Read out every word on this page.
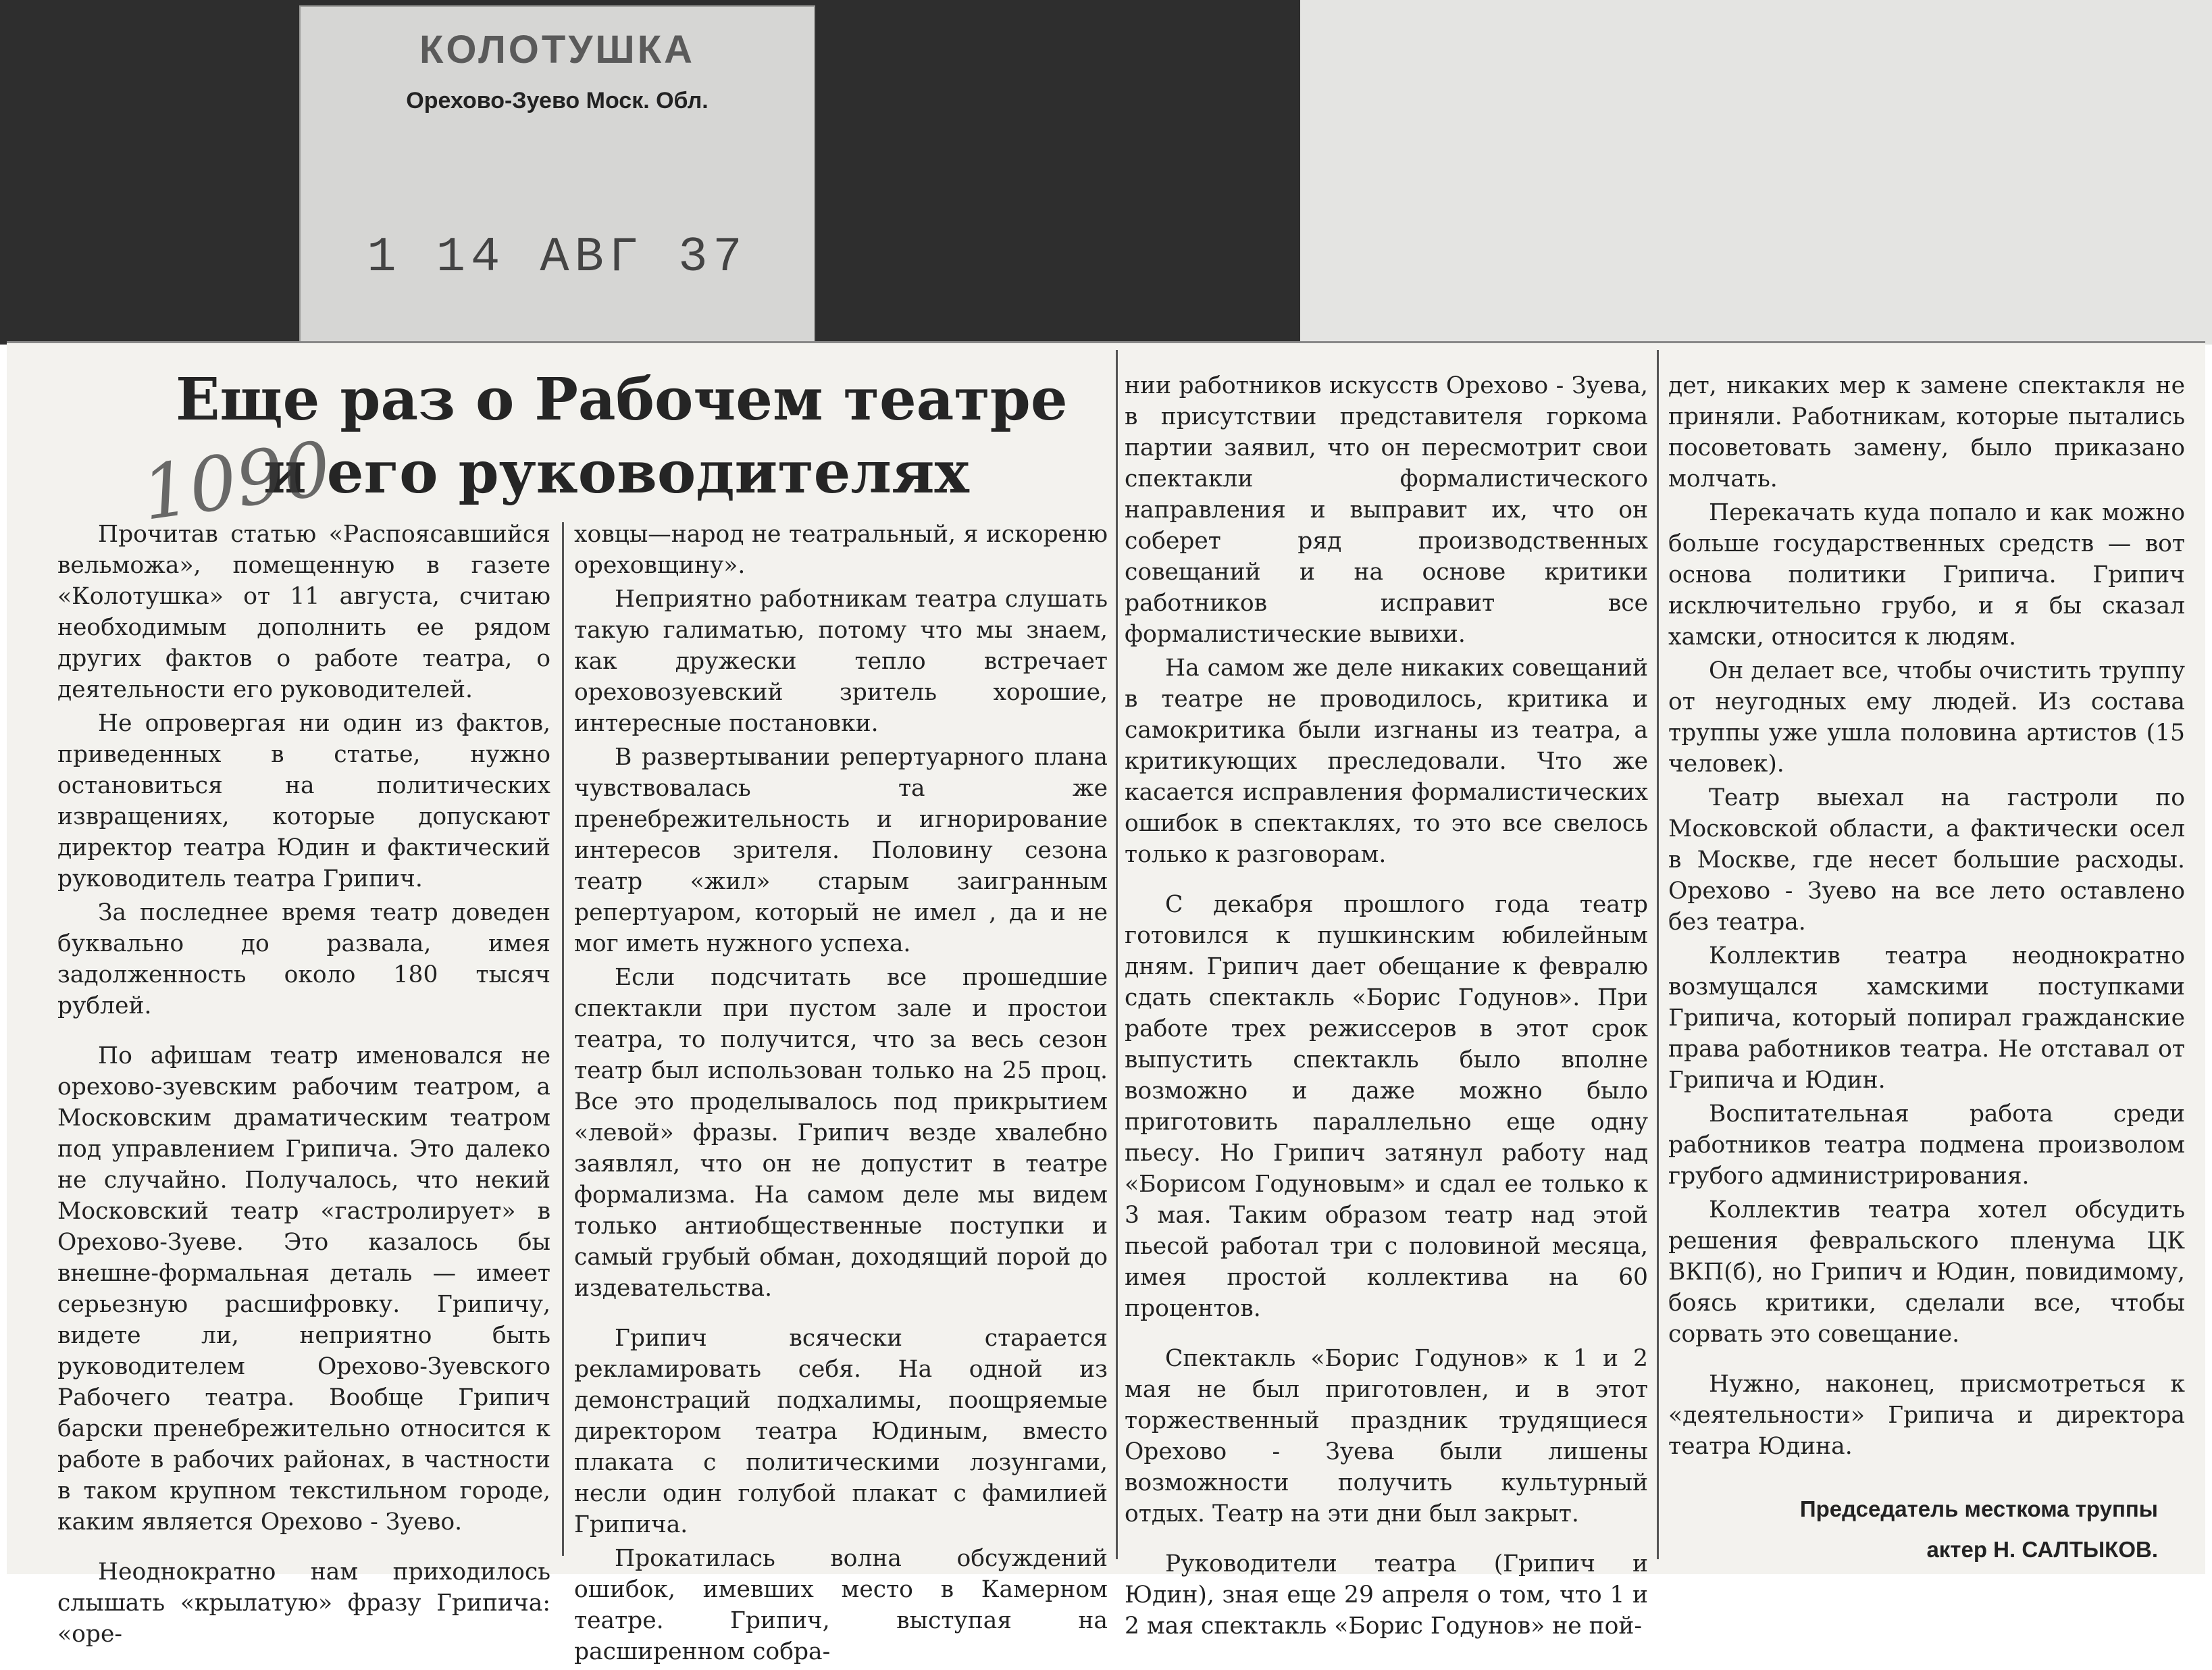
КОЛОТУШКА
Орехово-Зуево Моск. Обл.
1 14 АВГ 37
Еще раз о Рабочем театре
и его руководителях
1090

Прочитав статью «Распоясавшийся вельможа», помещенную в газете «Колотушка» от 11 августа, считаю необходимым дополнить ее рядом других фактов о работе театра, о деятельности его руководителей.

Не опровергая ни один из фактов, приведенных в статье, нужно остановиться на политических извращениях, которые допускают директор театра Юдин и фактический руководитель театра Грипич.

За последнее время театр доведен буквально до развала, имея задолженность около 180 тысяч рублей.

По афишам театр именовался не орехово-зуевским рабочим театром, а Московским драматическим театром под управлением Грипича. Это далеко не случайно. Получалось, что некий Московский театр «гастролирует» в Орехово-Зуеве. Это казалось бы внешне-формальная деталь — имеет серьезную расшифровку. Грипичу, видете ли, неприятно быть руководителем Орехово-Зуевского Рабочего театра. Вообще Грипич барски пренебрежительно относится к работе в рабочих районах, в частности в таком крупном текстильном городе, каким является Орехово - Зуево.

Неоднократно нам приходилось слышать «крылатую» фразу Грипича: «оре-

ховцы—народ не театральный, я искореню ореховщину».

Неприятно работникам театра слушать такую галиматью, потому что мы знаем, как дружески тепло встречает ореховозуевский зритель хорошие, интересные постановки.

В развертывании репертуарного плана чувствовалась та же пренебрежительность и игнорирование интересов зрителя. Половину сезона театр «жил» старым заигранным репертуаром, который не имел , да и не мог иметь нужного успеха.

Если подсчитать все прошедшие спектакли при пустом зале и простои театра, то получится, что за весь сезон театр был использован только на 25 проц. Все это проделывалось под прикрытием «левой» фразы. Грипич везде хвалебно заявлял, что он не допустит в театре формализма. На самом деле мы видем только антиобщественные поступки и самый грубый обман, доходящий порой до издевательства.

Грипич всячески старается рекламировать себя. На одной из демонстраций подхалимы, поощряемые директором театра Юдиным, вместо плаката с политическими лозунгами, несли один голубой плакат с фамилией Грипича.

Прокатилась волна обсуждений ошибок, имевших место в Камерном театре. Грипич, выступая на расширенном собра-

нии работников искусств Орехово - Зуева, в присутствии представителя горкома партии заявил, что он пересмотрит свои спектакли формалистического направления и выправит их, что он соберет ряд производственных совещаний и на основе критики работников исправит все формалистические вывихи.

На самом же деле никаких совещаний в театре не проводилось, критика и самокритика были изгнаны из театра, а критикующих преследовали. Что же касается исправления формалистических ошибок в спектаклях, то это все свелось только к разговорам.

С декабря прошлого года театр готовился к пушкинским юбилейным дням. Грипич дает обещание к февралю сдать спектакль «Борис Годунов». При работе трех режиссеров в этот срок выпустить спектакль было вполне возможно и даже можно было приготовить параллельно еще одну пьесу. Но Грипич затянул работу над «Борисом Годуновым» и сдал ее только к 3 мая. Таким образом театр над этой пьесой работал три с половиной месяца, имея простой коллектива на 60 процентов.

Спектакль «Борис Годунов» к 1 и 2 мая не был приготовлен, и в этот торжественный праздник трудящиеся Орехово - Зуева были лишены возможности получить культурный отдых. Театр на эти дни был закрыт.

Руководители театра (Грипич и Юдин), зная еще 29 апреля о том, что 1 и 2 мая спектакль «Борис Годунов» не пой-

дет, никаких мер к замене спектакля не приняли. Работникам, которые пытались посоветовать замену, было приказано молчать.

Перекачать куда попало и как можно больше государственных средств — вот основа политики Грипича. Грипич исключительно грубо, и я бы сказал хамски, относится к людям.

Он делает все, чтобы очистить труппу от неугодных ему людей. Из состава труппы уже ушла половина артистов (15 человек).

Театр выехал на гастроли по Московской области, а фактически осел в Москве, где несет большие расходы. Орехово - Зуево на все лето оставлено без театра.

Коллектив театра неоднократно возмущался хамскими поступками Грипича, который попирал гражданские права работников театра. Не отставал от Грипича и Юдин.

Воспитательная работа среди работников театра подмена произволом грубого администрирования.

Коллектив театра хотел обсудить решения февральского пленума ЦК ВКП(б), но Грипич и Юдин, повидимому, боясь критики, сделали все, чтобы сорвать это совещание.

Нужно, наконец, присмотреться к «деятельности» Грипича и директора театра Юдина.

Председатель месткома труппы
актер Н. САЛТЫКОВ.
